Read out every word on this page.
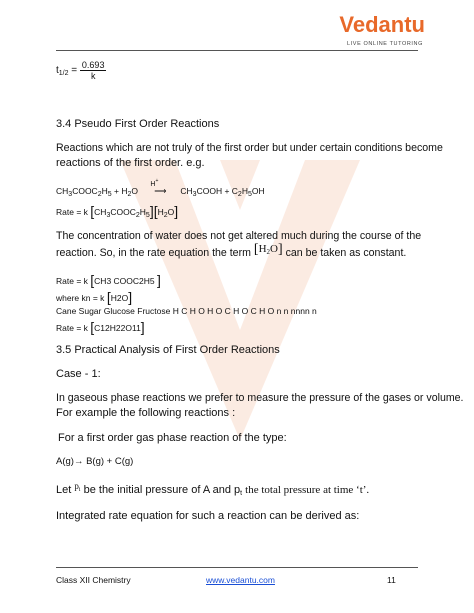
Vedantu
LIVE ONLINE TUTORING
$t_{1/2} = \frac{0.693}{k}$
3.4 Pseudo First Order Reactions
Reactions which are not truly of the first order but under certain conditions become
reactions of the first order. e.g.
$CH_3COOC_2H_5 + H_2O$
H+
⟶ $CH_3COOH + C_2H_5OH$
Rate = k $[CH_3COOC_2H_5][H_2O]$
The concentration of water does not get altered much during the course of the
reaction. So, in the rate equation the term $[H_2O]$ can be taken as constant.
Rate = k [CH3 COOC2H5 ]
where kn = k [H2O]
Cane Sugar Glucose Fructose H C H O H O C H O C H O n n nnnn n
Rate = k [C12H22O11]
3.5 Practical Analysis of First Order Reactions
Case - 1:
In gaseous phase reactions we prefer to measure the pressure of the gases or volume.
For example the following reactions :
For a first order gas phase reaction of the type:
A(g)→ B(g) + C(g)
Let $^{p_i}$ be the initial pressure of A and $p_t$ the total pressure at time ‘t’.
Integrated rate equation for such a reaction can be derived as:
Class XII Chemistry	www.vedantu.com	11
